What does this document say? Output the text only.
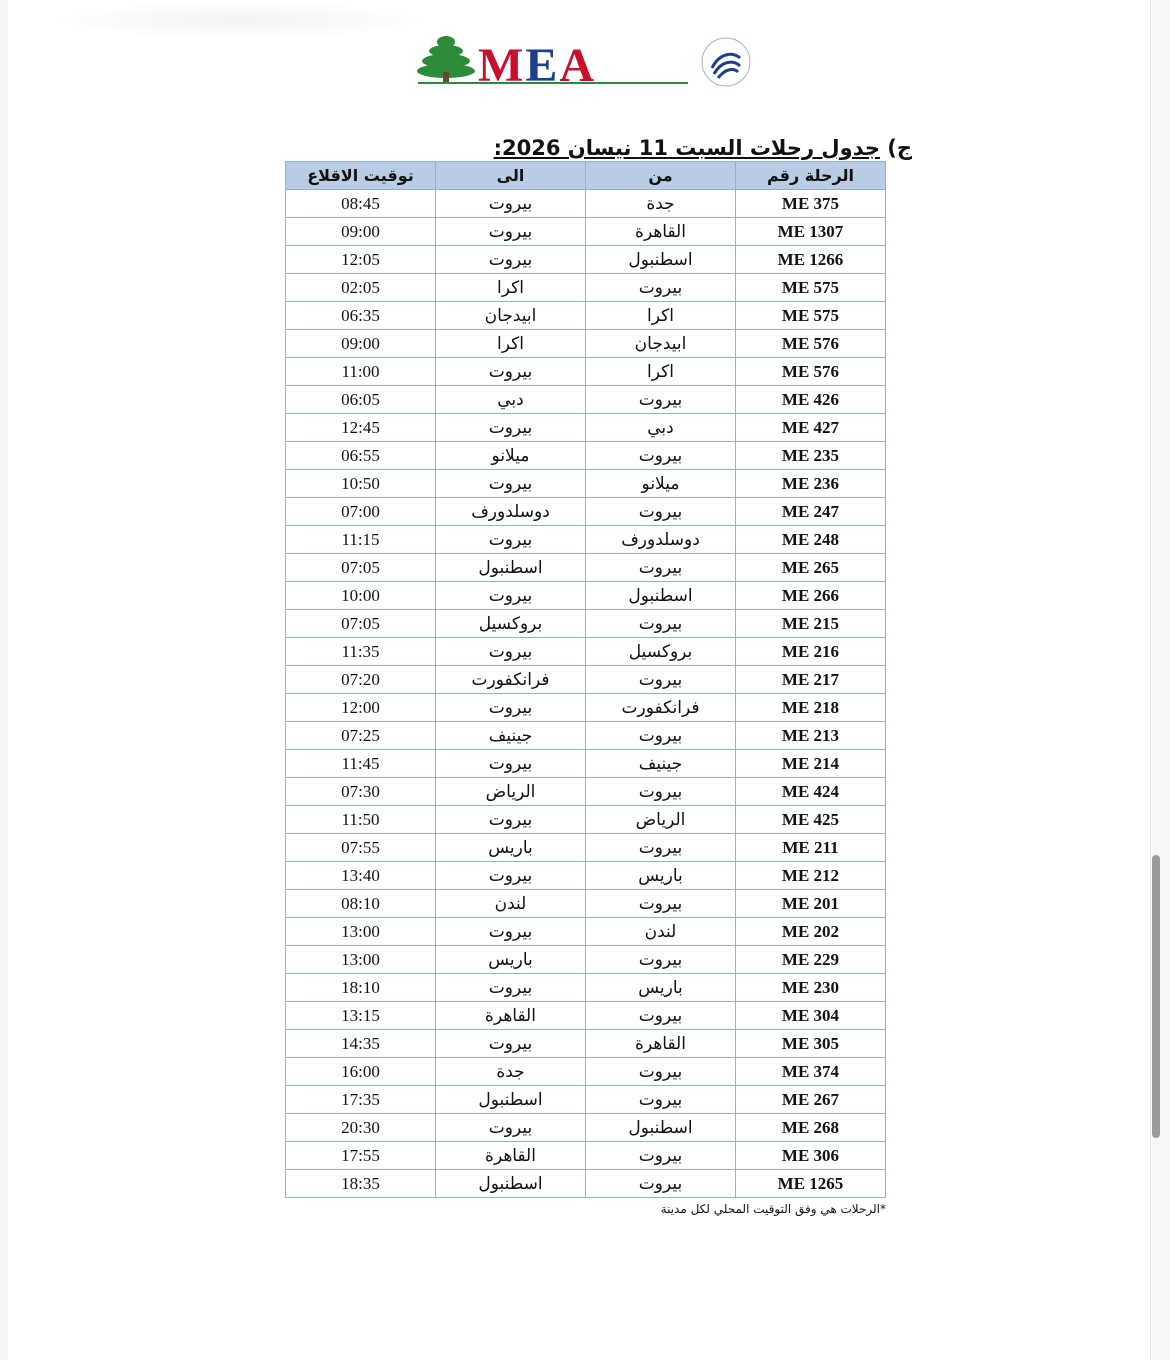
MEA
ج) جدول رحلات السبت 11 نيسان 2026:
الرحلة رقم	من	الى	توقيت الاقلاع
ME 375	جدة	بيروت	08:45
ME 1307	القاهرة	بيروت	09:00
ME 1266	اسطنبول	بيروت	12:05
ME 575	بيروت	اكرا	02:05
ME 575	اكرا	ابيدجان	06:35
ME 576	ابيدجان	اكرا	09:00
ME 576	اكرا	بيروت	11:00
ME 426	بيروت	دبي	06:05
ME 427	دبي	بيروت	12:45
ME 235	بيروت	ميلانو	06:55
ME 236	ميلانو	بيروت	10:50
ME 247	بيروت	دوسلدورف	07:00
ME 248	دوسلدورف	بيروت	11:15
ME 265	بيروت	اسطنبول	07:05
ME 266	اسطنبول	بيروت	10:00
ME 215	بيروت	بروكسيل	07:05
ME 216	بروكسيل	بيروت	11:35
ME 217	بيروت	فرانكفورت	07:20
ME 218	فرانكفورت	بيروت	12:00
ME 213	بيروت	جينيف	07:25
ME 214	جينيف	بيروت	11:45
ME 424	بيروت	الرياض	07:30
ME 425	الرياض	بيروت	11:50
ME 211	بيروت	باريس	07:55
ME 212	باريس	بيروت	13:40
ME 201	بيروت	لندن	08:10
ME 202	لندن	بيروت	13:00
ME 229	بيروت	باريس	13:00
ME 230	باريس	بيروت	18:10
ME 304	بيروت	القاهرة	13:15
ME 305	القاهرة	بيروت	14:35
ME 374	بيروت	جدة	16:00
ME 267	بيروت	اسطنبول	17:35
ME 268	اسطنبول	بيروت	20:30
ME 306	بيروت	القاهرة	17:55
ME 1265	بيروت	اسطنبول	18:35
*الرحلات هي وفق التوقيت المحلي لكل مدينة
